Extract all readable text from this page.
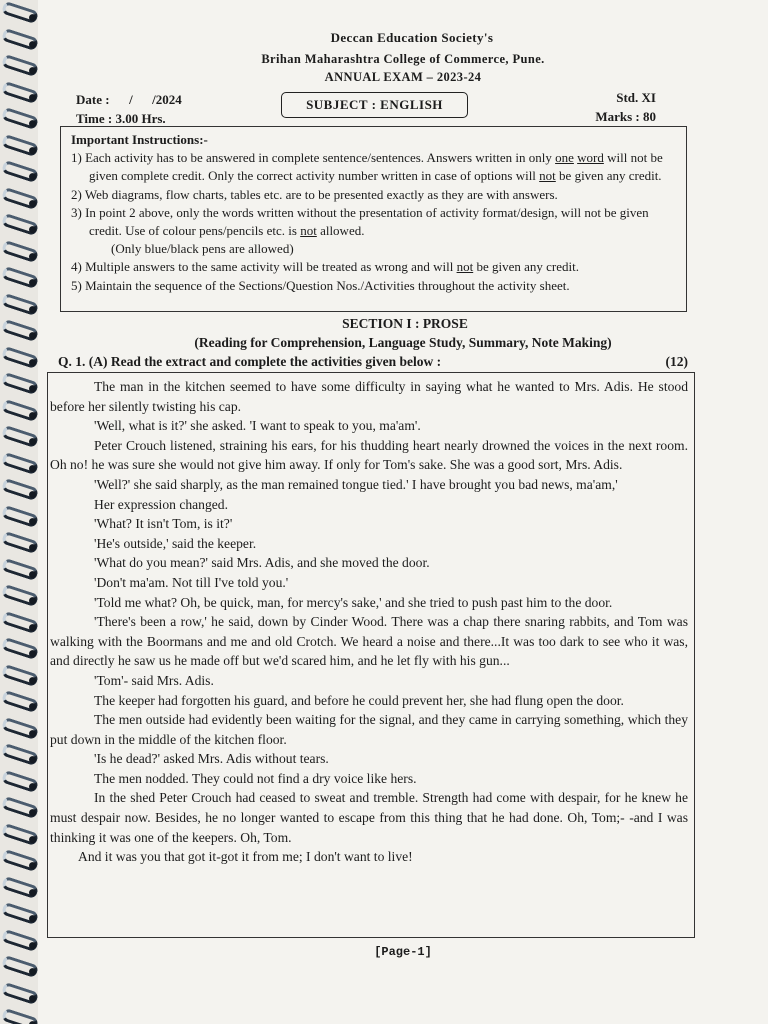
Deccan Education Society's
Brihan Maharashtra College of Commerce, Pune.
ANNUAL EXAM – 2023-24
Date :      /      /2024
Time : 3.00 Hrs.
SUBJECT : ENGLISH	Std. XI
Marks : 80
Important Instructions:-
1) Each activity has to be answered in complete sentence/sentences. Answers written in only one word will not be given complete credit. Only the correct activity number written in case of options will not be given any credit.
2) Web diagrams, flow charts, tables etc. are to be presented exactly as they are with answers.
3) In point 2 above, only the words written without the presentation of activity format/design, will not be given credit. Use of colour pens/pencils etc. is not allowed.
(Only blue/black pens are allowed)
4) Multiple answers to the same activity will be treated as wrong and will not be given any credit.
5) Maintain the sequence of the Sections/Question Nos./Activities throughout the activity sheet.
SECTION I : PROSE
(Reading for Comprehension, Language Study, Summary, Note Making)
Q. 1. (A) Read the extract and complete the activities given below :	(12)

The man in the kitchen seemed to have some difficulty in saying what he wanted to Mrs. Adis. He stood before her silently twisting his cap.

'Well, what is it?' she asked. 'I want to speak to you, ma'am'.

Peter Crouch listened, straining his ears, for his thudding heart nearly drowned the voices in the next room. Oh no! he was sure she would not give him away. If only for Tom's sake. She was a good sort, Mrs. Adis.

'Well?' she said sharply, as the man remained tongue tied.' I have brought you bad news, ma'am,'

Her expression changed.

'What? It isn't Tom, is it?'

'He's outside,' said the keeper.

'What do you mean?' said Mrs. Adis, and she moved the door.

'Don't ma'am. Not till I've told you.'

'Told me what? Oh, be quick, man, for mercy's sake,' and she tried to push past him to the door.

'There's been a row,' he said, down by Cinder Wood. There was a chap there snaring rabbits, and Tom was walking with the Boormans and me and old Crotch. We heard a noise and there...It was too dark to see who it was, and directly he saw us he made off but we'd scared him, and he let fly with his gun...

'Tom'- said Mrs. Adis.

The keeper had forgotten his guard, and before he could prevent her, she had flung open the door.

The men outside had evidently been waiting for the signal, and they came in carrying something, which they put down in the middle of the kitchen floor.

'Is he dead?' asked Mrs. Adis without tears.

The men nodded. They could not find a dry voice like hers.

In the shed Peter Crouch had ceased to sweat and tremble. Strength had come with despair, for he knew he must despair now. Besides, he no longer wanted to escape from this thing that he had done. Oh, Tom;- -and I was thinking it was one of the keepers. Oh, Tom.

And it was you that got it-got it from me; I don't want to live!

[Page-1]
